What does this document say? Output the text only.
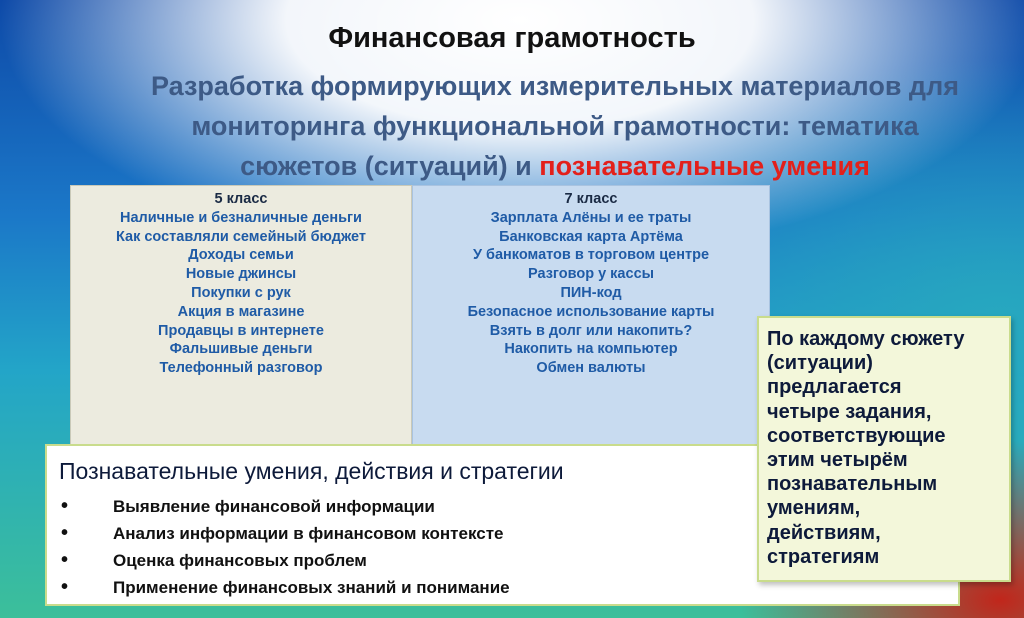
Финансовая грамотность
Разработка формирующих измерительных материалов для
мониторинга функциональной грамотности: тематика
сюжетов (ситуаций) и познавательные умения
5 класс
Наличные и безналичные деньги
Как составляли семейный бюджет
Доходы семьи
Новые джинсы
Покупки с рук
Акция в магазине
Продавцы в интернете
Фальшивые деньги
Телефонный разговор
7 класс
Зарплата Алёны и ее траты
Банковская карта Артёма
У банкоматов в торговом центре
Разговор у кассы
ПИН-код
Безопасное использование карты
Взять в долг или накопить?
Накопить на компьютер
Обмен валюты
Познавательные умения, действия и стратегии
•	Выявление финансовой информации
•	Анализ информации в финансовом контексте
•	Оценка финансовых проблем
•	Применение финансовых знаний и понимание
По каждому сюжету
(ситуации)
предлагается
четыре задания,
соответствующие
этим четырём
познавательным
умениям,
действиям,
стратегиям
